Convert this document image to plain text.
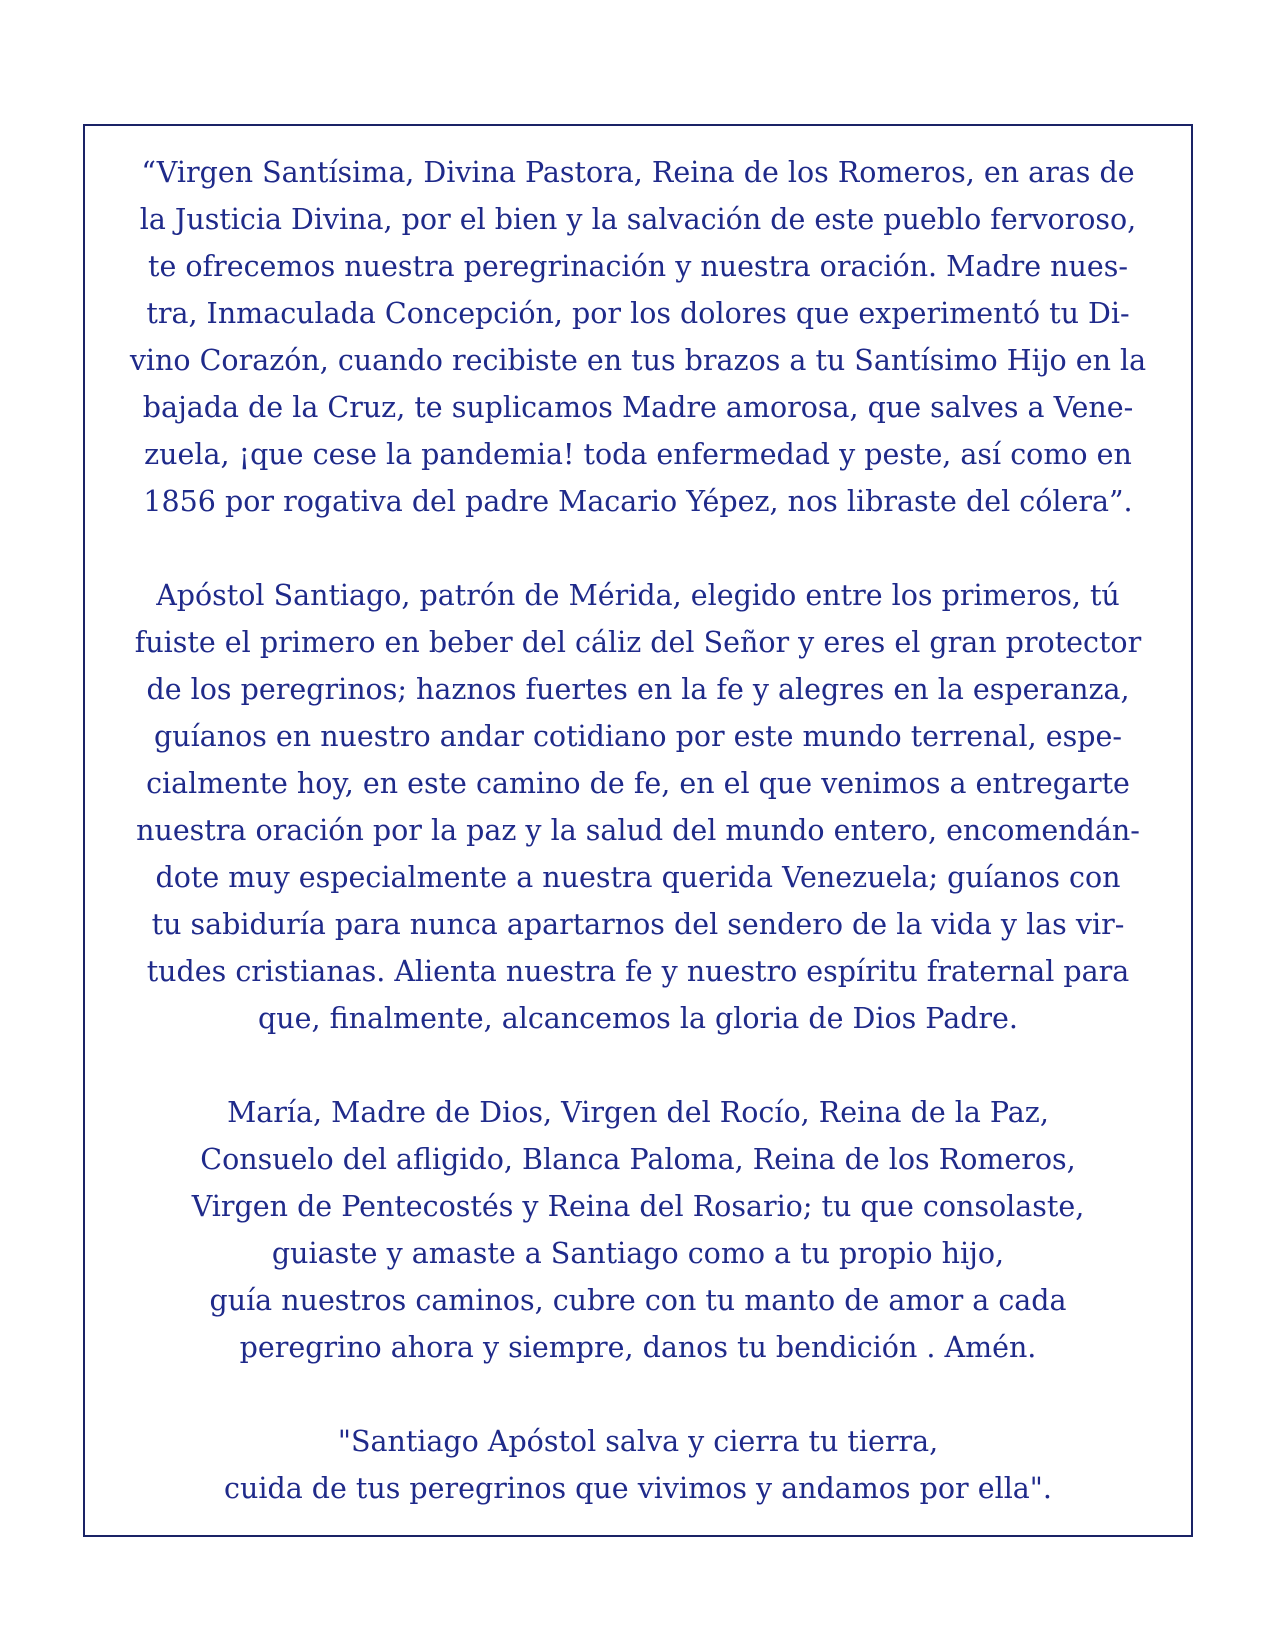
“Virgen Santísima, Divina Pastora, Reina de los Romeros, en aras de
la Justicia Divina, por el bien y la salvación de este pueblo fervoroso,
te ofrecemos nuestra peregrinación y nuestra oración. Madre nues-
tra, Inmaculada Concepción, por los dolores que experimentó tu Di-
vino Corazón, cuando recibiste en tus brazos a tu Santísimo Hijo en la
bajada de la Cruz, te suplicamos Madre amorosa, que salves a Vene-
zuela, ¡que cese la pandemia! toda enfermedad y peste, así como en
1856 por rogativa del padre Macario Yépez, nos libraste del cólera”.

Apóstol Santiago, patrón de Mérida, elegido entre los primeros, tú
fuiste el primero en beber del cáliz del Señor y eres el gran protector
de los peregrinos; haznos fuertes en la fe y alegres en la esperanza,
guíanos en nuestro andar cotidiano por este mundo terrenal, espe-
cialmente hoy, en este camino de fe, en el que venimos a entregarte
nuestra oración por la paz y la salud del mundo entero, encomendán-
dote muy especialmente a nuestra querida Venezuela; guíanos con
tu sabiduría para nunca apartarnos del sendero de la vida y las vir-
tudes cristianas. Alienta nuestra fe y nuestro espíritu fraternal para
que, finalmente, alcancemos la gloria de Dios Padre.

María, Madre de Dios, Virgen del Rocío, Reina de la Paz,
Consuelo del afligido, Blanca Paloma, Reina de los Romeros,
Virgen de Pentecostés y Reina del Rosario; tu que consolaste,
guiaste y amaste a Santiago como a tu propio hijo,
guía nuestros caminos, cubre con tu manto de amor a cada
peregrino ahora y siempre, danos tu bendición . Amén.

"Santiago Apóstol salva y cierra tu tierra,
cuida de tus peregrinos que vivimos y andamos por ella".
